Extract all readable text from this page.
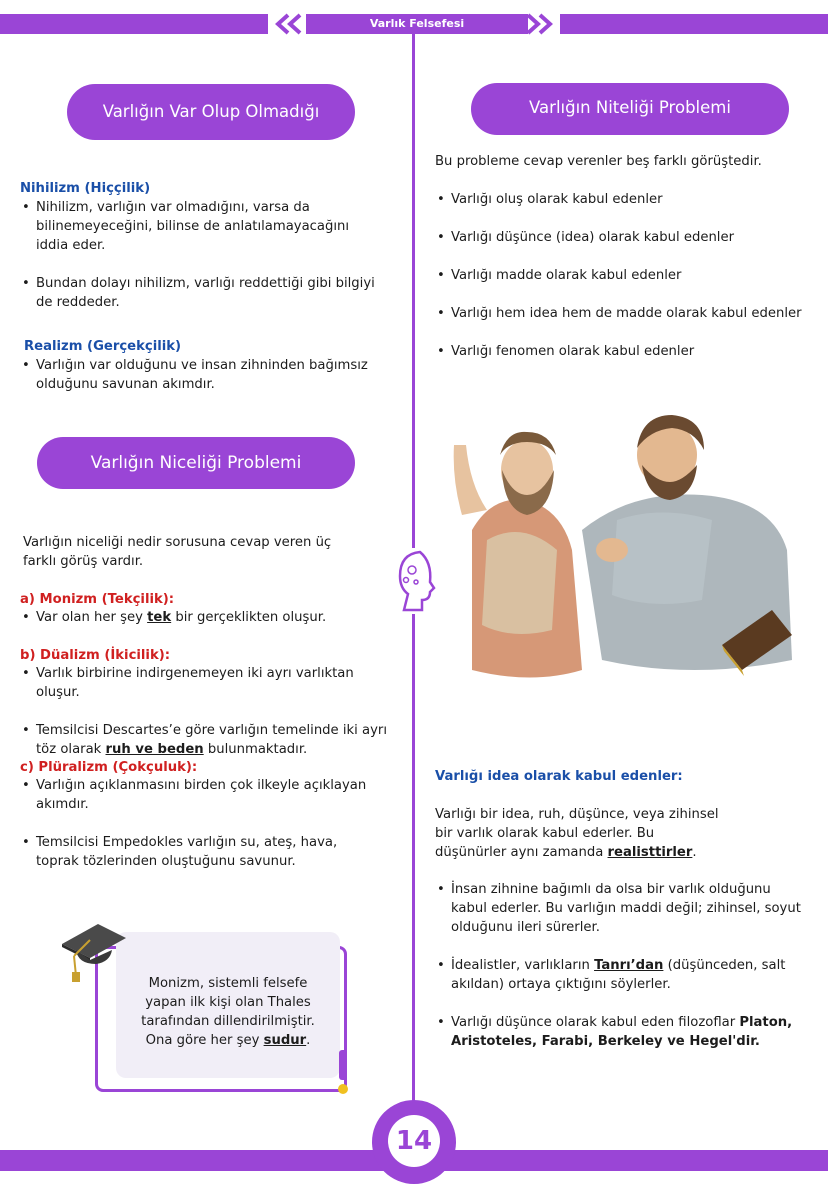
Varlık Felsefesi
Varlığın Var Olup Olmadığı Problemi
Nihilizm (Hiççilik)
• Nihilizm, varlığın var olmadığını, varsa da bilinemeyeceğini, bilinse de anlatılamayacağını iddia eder.
• Bundan dolayı nihilizm, varlığı reddettiği gibi bilgiyi de reddeder.
Realizm (Gerçekçilik)
• Varlığın var olduğunu ve insan zihninden bağımsız olduğunu savunan akımdır.
Varlığın Niceliği Problemi
Varlığın niceliği nedir sorusuna cevap veren üç farklı görüş vardır.
a) Monizm (Tekçilik):
• Var olan her şey tek bir gerçeklikten oluşur.
b) Düalizm (İkicilik):
• Varlık birbirine indirgenemeyen iki ayrı varlıktan oluşur.
• Temsilcisi Descartes’e göre varlığın temelinde iki ayrı töz olarak ruh ve beden bulunmaktadır.
c) Plüralizm (Çokçuluk):
• Varlığın açıklanmasını birden çok ilkeyle açıklayan akımdır.
• Temsilcisi Empedokles varlığın su, ateş, hava, toprak tözlerinden oluştuğunu savunur.
Monizm, sistemli felsefe yapan ilk kişi olan Thales tarafından dillendirilmiştir. Ona göre her şey sudur.
Varlığın Niteliği Problemi
Bu probleme cevap verenler beş farklı görüştedir.
• Varlığı oluş olarak kabul edenler
• Varlığı düşünce (idea) olarak kabul edenler
• Varlığı madde olarak kabul edenler
• Varlığı hem idea hem de madde olarak kabul edenler
• Varlığı fenomen olarak kabul edenler
Varlığı idea olarak kabul edenler:
Varlığı bir idea, ruh, düşünce, veya zihinsel bir varlık olarak kabul ederler. Bu düşünürler aynı zamanda realisttirler.
• İnsan zihnine bağımlı da olsa bir varlık olduğunu kabul ederler. Bu varlığın maddi değil; zihinsel, soyut olduğunu ileri sürerler.
• İdealistler, varlıkların Tanrı’dan (düşünceden, salt akıldan) ortaya çıktığını söylerler.
• Varlığı düşünce olarak kabul eden filozoflar Platon, Aristoteles, Farabi, Berkeley ve Hegel'dir.
14
